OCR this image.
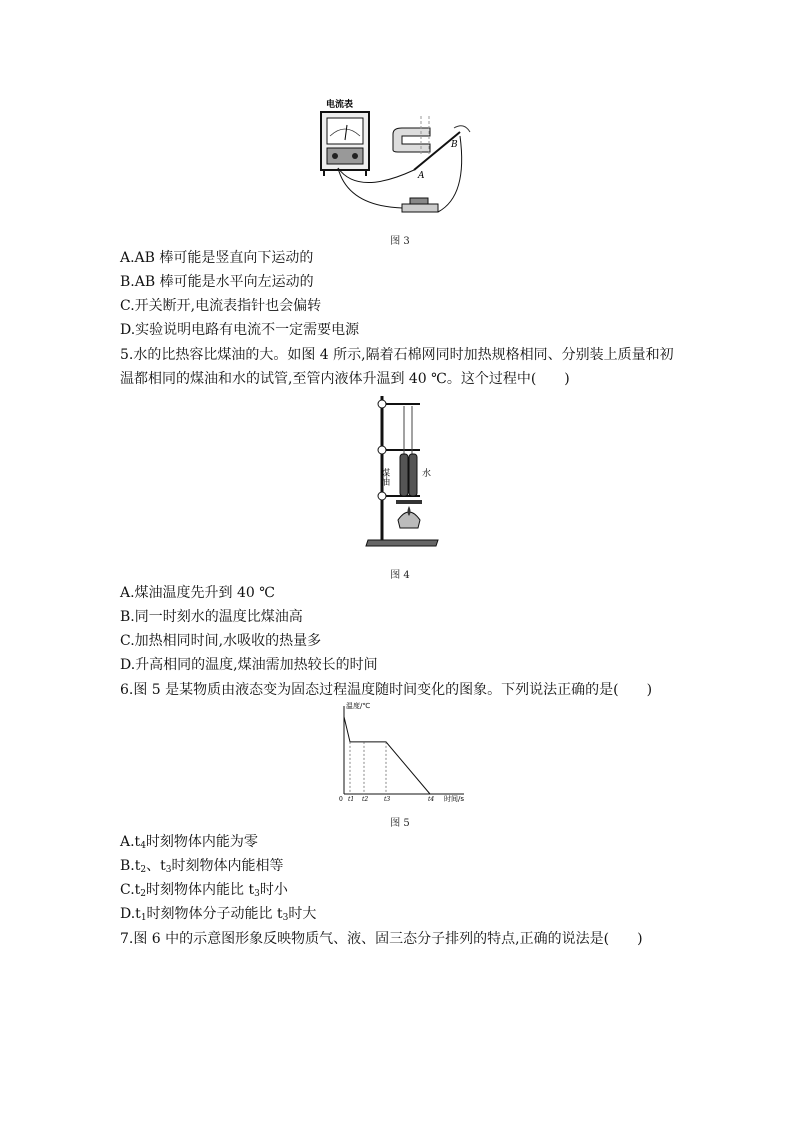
电流表
A
B
图 3
A.AB 棒可能是竖直向下运动的
B.AB 棒可能是水平向左运动的
C.开关断开,电流表指针也会偏转
D.实验说明电路有电流不一定需要电源
5.水的比热容比煤油的大。如图 4 所示,隔着石棉网同时加热规格相同、分别装上质量和初
温都相同的煤油和水的试管,至管内液体升温到 40 ℃。这个过程中(　　)
煤油	水
图 4
A.煤油温度先升到 40 ℃
B.同一时刻水的温度比煤油高
C.加热相同时间,水吸收的热量多
D.升高相同的温度,煤油需加热较长的时间
6.图 5 是某物质由液态变为固态过程温度随时间变化的图象。下列说法正确的是(　　)
温度/℃
时间/s
0 t1 t2	t3	t4
图 5
$A.t_4$时刻物体内能为零
$B.t_2$、$t_3$时刻物体内能相等
$C.t_2$时刻物体内能比 $t_3$时小
$D.t_1$时刻物体分子动能比 $t_3$时大
7.图 6 中的示意图形象反映物质气、液、固三态分子排列的特点,正确的说法是(　　)
